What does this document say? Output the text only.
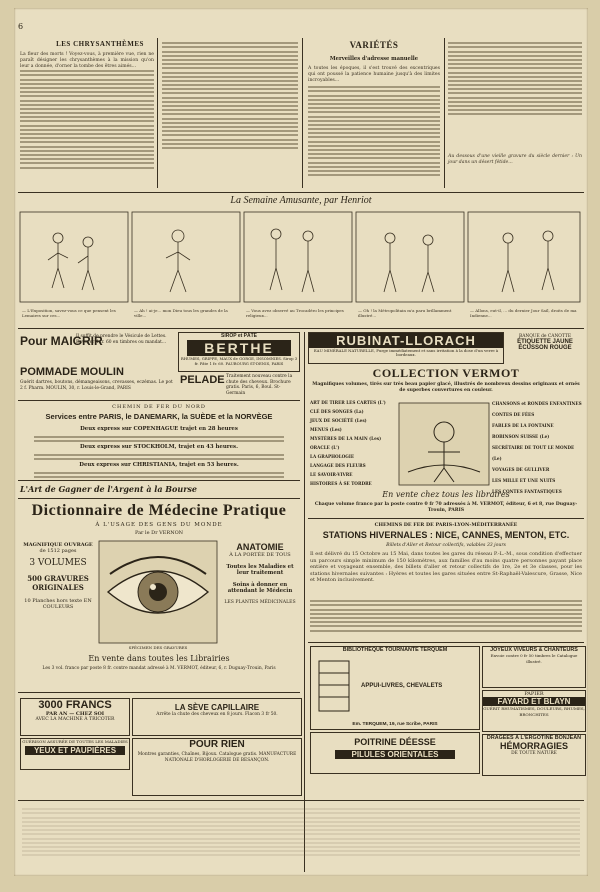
6
LES CHRYSANTHÈMES
La fleur des morts ! Voyez-vous, à première vue, rien ne paraît désigner les chrysanthèmes à la mission qu'on leur a donnée, d'orner la tombe des êtres aimés...
VARIÉTÉS
Merveilles d'adresse manuelle
A toutes les époques, il s'est trouvé des excentriques qui ont poussé la patience humaine jusqu'à des limites incroyables...
Au dessous d'une vieille gravure du siècle dernier : Un jour dans un désert fétide...
La Semaine Amusante, par Henriot
— L'Exposition, savez-vous ce que pensent les Lemaires sur ces...
— Ah ! ai-je... mon Dieu tous les grandes de la ville...
— Vous avez observé au Trocadéro les principes religieux...
— Oh ! la Métropolitain m'a paru brillamment illustré...
— Allons, eut-il, ... du dernier Jour Saïl, droits de ma Indienne...
Pour MAIGRIR
Il suffit de prendre le Vésicule de Lettes. Envoyer 4 fr. 60 en timbres ou mandat...
SIROP et PÂTE
BERTHE
RHUMES, GRIPPE, MAUX de GORGE, INSOMNIES. Sirop 3 fr. Pâte 1 fr. 60. FAUBOURG ST-DENIS, PARIS
POMMADE MOULIN
Guérit dartres, boutons, démangeaisons, crevasses, eczémas. Le pot 2 f. Pharm. MOULIN, 30, r. Louis-le-Grand, PARIS
PELADE Traitement nouveau contre la chute des cheveux. Brochure gratis. Paris, 6, Boul. St-Germain
CHEMIN DE FER DU NORD
Services entre PARIS, le DANEMARK, la SUÈDE et la NORVÈGE
Deux express sur COPENHAGUE trajet en 28 heures
Deux express sur STOCKHOLM, trajet en 43 heures.
Deux express sur CHRISTIANIA, trajet en 53 heures.
L'Art de Gagner de l'Argent à la Bourse
Dictionnaire de Médecine Pratique
À L'USAGE DES GENS DU MONDE
Par le Dr VERNON
MAGNIFIQUE OUVRAGE
de 1512 pages
3 VOLUMES
500 GRAVURES ORIGINALES
10 Planches hors texte EN COULEURS
SPÉCIMEN DES GRAVURES
ANATOMIE
À LA PORTÉE DE TOUS
Toutes les Maladies et leur traitement
Soins à donner en attendant le Médecin
LES PLANTES MÉDICINALES
En vente dans toutes les Librairies
Les 3 vol. franco par poste 8 fr. contre mandat adressé à M. VERMOT, éditeur, 6, r. Duguay-Trouin, Paris
RUBINAT-LLORACH
EAU MINÉRALE NATURELLE, Purge immédiatement et sans irritation à la dose d'un verre à bordeaux.
BANQUE de CANOTTE
ÉTIQUETTE JAUNE
ÉCUSSON ROUGE
COLLECTION VERMOT
Magnifiques volumes, tirés sur très beau papier glacé, illustrés de nombreux dessins originaux et ornés de superbes couvertures en couleur.
ART DE TIRER LES CARTES (L')
CLÉ DES SONGES (La)
JEUX DE SOCIÉTÉ (Les)
MENUS (Les)
MYSTÈRES DE LA MAIN (Les)
ORACLE (L')
LA GRAPHOLOGIE
LANGAGE DES FLEURS
LE SAVOIR-VIVRE
HISTOIRES À SE TORDRE
CHANSONS et RONDES ENFANTINES
CONTES DE FÉES
FABLES DE LA FONTAINE
ROBINSON SUISSE (Le)
SECRÉTAIRE DE TOUT LE MONDE (Le)
VOYAGES DE GULLIVER
LES MILLE ET UNE NUITS
LES CONTES FANTASTIQUES
En vente chez tous les libraires
Chaque volume franco par la poste contre 0 fr 70 adressés à M. VERMOT, éditeur, 6 et 8, rue Duguay-Trouin, PARIS
CHEMINS DE FER DE PARIS-LYON-MÉDITERRANÉE
STATIONS HIVERNALES : NICE, CANNES, MENTON, ETC.
Billets d'Aller et Retour collectifs, valables 33 jours
Il est délivré du 15 Octobre au 15 Mai, dans toutes les gares du réseau P.-L.-M., sous condition d'effectuer un parcours simple minimum de 150 kilomètres, aux familles d'au moins quatre personnes payant place entière et voyageant ensemble, des billets d'aller et retour collectifs de 1re, 2e et 3e classes, pour les stations hivernales suivantes : Hyères et toutes les gares situées entre St-Raphaël-Valescure, Grasse, Nice et Menton inclusivement.
BIBLIOTHÈQUE TOURNANTE TERQUEM
APPUI-LIVRES, CHEVALETS
Em. TERQUEM, 19, rue Scribe, PARIS
JOYEUX VIVEURS & CHANTEURS
Envoie contre 0 fr 50 timbres le Catalogue illustré.
PAPIER
FAYARD ET BLAYN
GUÉRIT RHUMATISMES, DOULEURS, RHUMES, BRONCHITES
3000 FRANCS
PAR AN — CHEZ SOI
AVEC LA MACHINE À TRICOTER
LA SÈVE CAPILLAIRE
Arrête la chute des cheveux en 8 jours. Flacon 3 fr 50.
GUÉRISON ASSURÉE DE TOUTES LES MALADIES
YEUX ET PAUPIÈRES
POUR RIEN
Montres garanties, Chaînes, Bijoux. Catalogue gratis. MANUFACTURE NATIONALE D'HORLOGERIE DE BESANÇON.
POITRINE DÉESSE
PILULES ORIENTALES
DRAGÉES À L'ERGOTINE BONJEAN
HÉMORRAGIES
DE TOUTE NATURE
